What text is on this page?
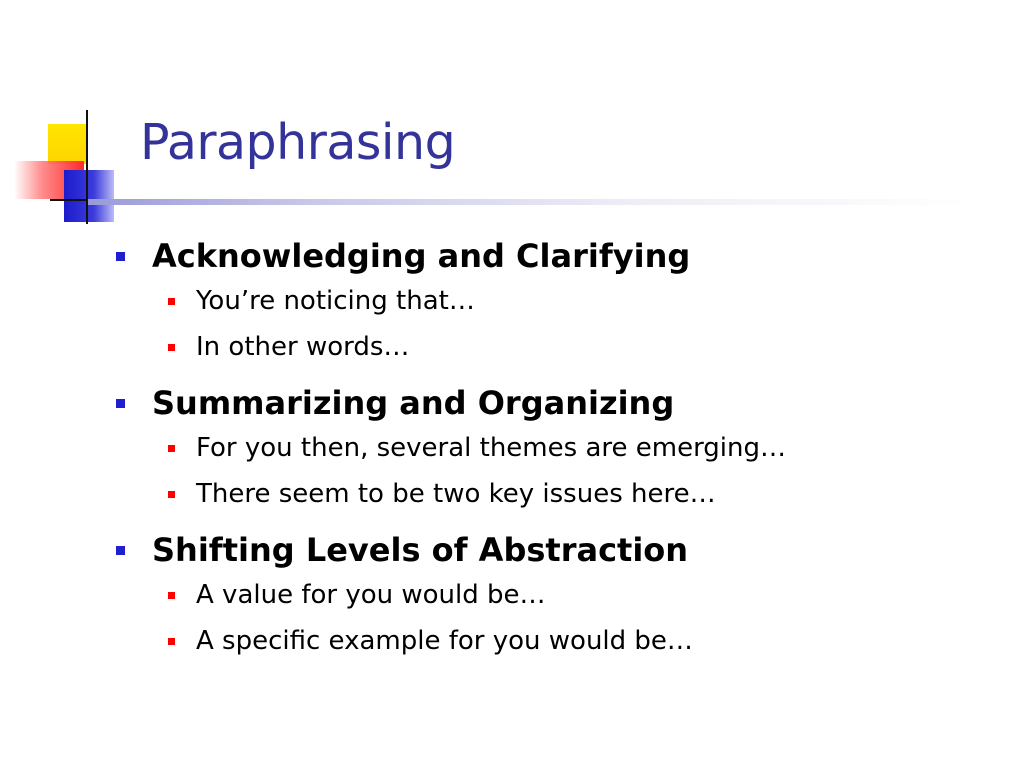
Paraphrasing
Acknowledging and Clarifying
You’re noticing that…
In other words…
Summarizing and Organizing
For you then, several themes are emerging…
There seem to be two key issues here…
Shifting Levels of Abstraction
A value for you would be…
A specific example for you would be…
